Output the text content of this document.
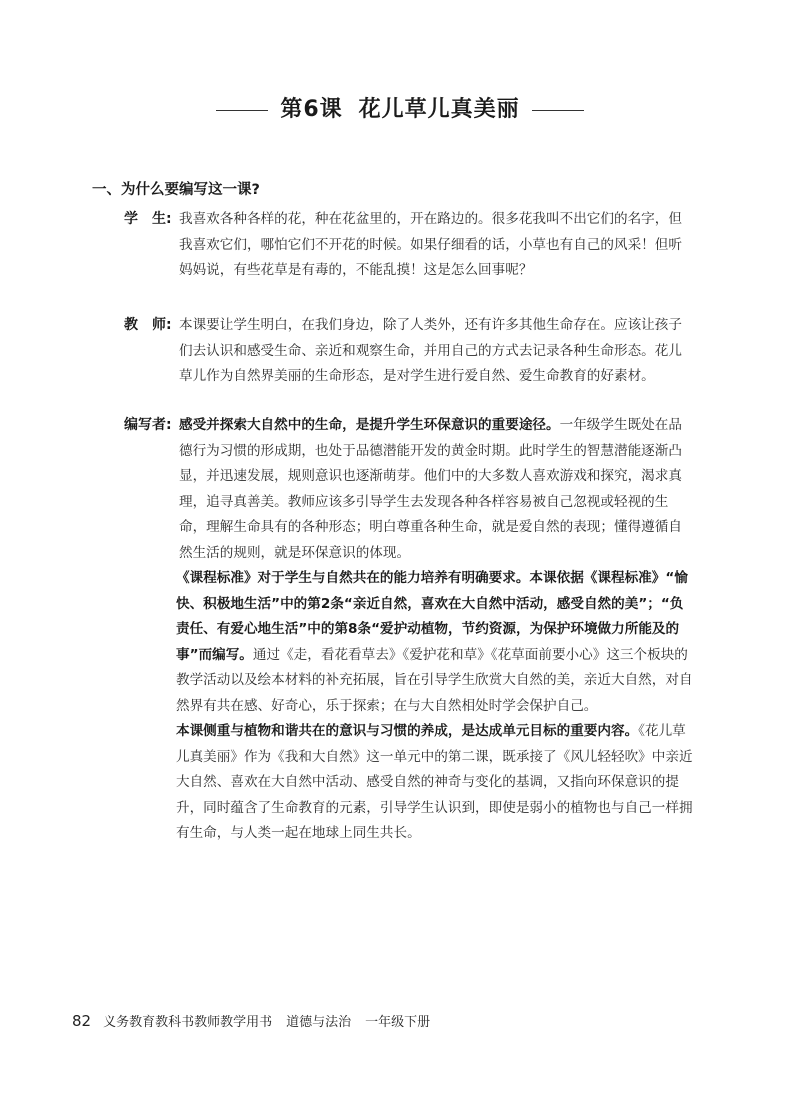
第6课 花儿草儿真美丽
一、为什么要编写这一课?
学　生: 我喜欢各种各样的花，种在花盆里的，开在路边的。很多花我叫不出它们的名字，但我喜欢它们，哪怕它们不开花的时候。如果仔细看的话，小草也有自己的风采！但听妈妈说，有些花草是有毒的，不能乱摸！这是怎么回事呢？
教　师: 本课要让学生明白，在我们身边，除了人类外，还有许多其他生命存在。应该让孩子们去认识和感受生命、亲近和观察生命，并用自己的方式去记录各种生命形态。花儿草儿作为自然界美丽的生命形态，是对学生进行爱自然、爱生命教育的好素材。
编写者: 感受并探索大自然中的生命，是提升学生环保意识的重要途径。一年级学生既处在品德行为习惯的形成期，也处于品德潜能开发的黄金时期。此时学生的智慧潜能逐渐凸显，并迅速发展，规则意识也逐渐萌芽。他们中的大多数人喜欢游戏和探究，渴求真理，追寻真善美。教师应该多引导学生去发现各种各样容易被自己忽视或轻视的生命，理解生命具有的各种形态；明白尊重各种生命，就是爱自然的表现；懂得遵循自然生活的规则，就是环保意识的体现。
《课程标准》对于学生与自然共在的能力培养有明确要求。本课依据《课程标准》“愉快、积极地生活”中的第2条“亲近自然，喜欢在大自然中活动，感受自然的美”；“负责任、有爱心地生活”中的第8条“爱护动植物，节约资源，为保护环境做力所能及的事”而编写。通过《走，看花看草去》《爱护花和草》《花草面前要小心》这三个板块的教学活动以及绘本材料的补充拓展，旨在引导学生欣赏大自然的美，亲近大自然，对自然界有共在感、好奇心，乐于探索；在与大自然相处时学会保护自己。
本课侧重与植物和谐共在的意识与习惯的养成，是达成单元目标的重要内容。《花儿草儿真美丽》作为《我和大自然》这一单元中的第二课，既承接了《风儿轻轻吹》中亲近大自然、喜欢在大自然中活动、感受自然的神奇与变化的基调，又指向环保意识的提升，同时蕴含了生命教育的元素，引导学生认识到，即使是弱小的植物也与自己一样拥有生命，与人类一起在地球上同生共长。
82 义务教育教科书教师教学用书 道德与法治 一年级下册
